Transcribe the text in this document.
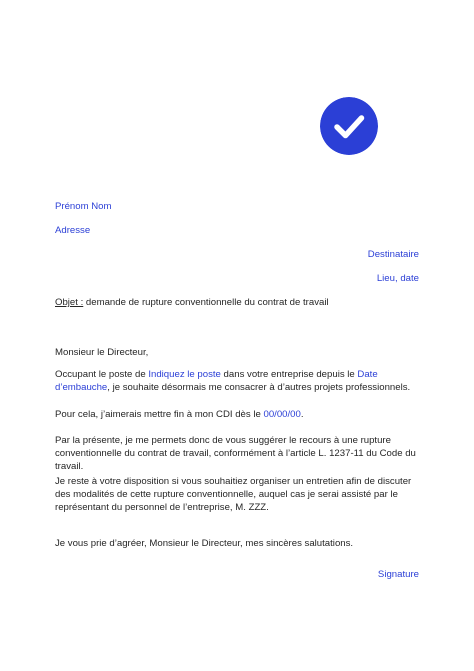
Prénom Nom
Adresse
Destinataire
Lieu, date
Objet : demande de rupture conventionnelle du contrat de travail

Monsieur le Directeur,

Occupant le poste de Indiquez le poste dans votre entreprise depuis le Date d’embauche, je souhaite désormais me consacrer à d’autres projets professionnels.

Pour cela, j’aimerais mettre fin à mon CDI dès le 00/00/00.

Par la présente, je me permets donc de vous suggérer le recours à une rupture conventionnelle du contrat de travail, conformément à l’article L. 1237-11 du Code du travail.

Je reste à votre disposition si vous souhaitiez organiser un entretien afin de discuter des modalités de cette rupture conventionnelle, auquel cas je serai assisté par le représentant du personnel de l’entreprise, M. ZZZ.

Je vous prie d’agréer, Monsieur le Directeur, mes sincères salutations.

Signature
